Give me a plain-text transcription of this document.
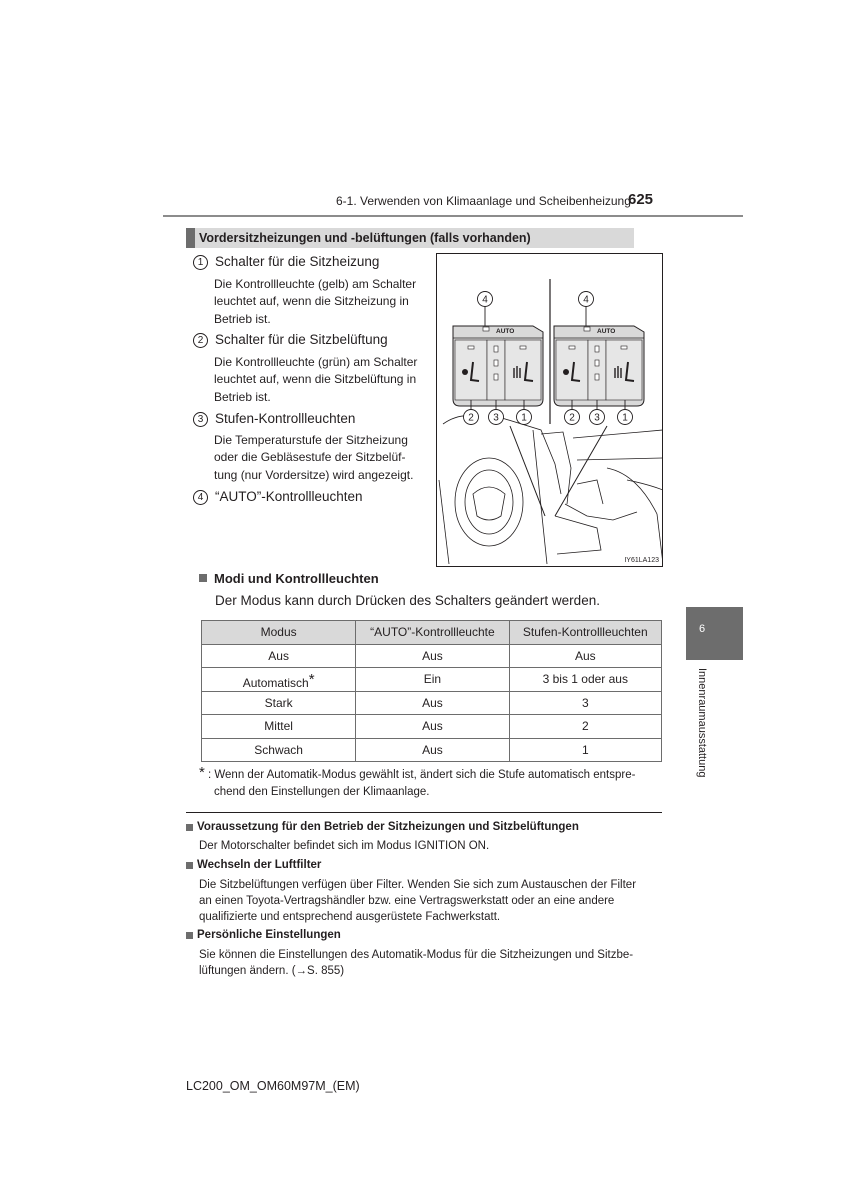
6-1. Verwenden von Klimaanlage und Scheibenheizung
625
Vordersitzheizungen und -belüftungen (falls vorhanden)
1 Schalter für die Sitzheizung
Die Kontrollleuchte (gelb) am Schalter
leuchtet auf, wenn die Sitzheizung in
Betrieb ist.
2 Schalter für die Sitzbelüftung
Die Kontrollleuchte (grün) am Schalter
leuchtet auf, wenn die Sitzbelüftung in
Betrieb ist.
3 Stufen-Kontrollleuchten
Die Temperaturstufe der Sitzheizung
oder die Gebläsestufe der Sitzbelüf-
tung (nur Vordersitze) wird angezeigt.
4 “AUTO”-Kontrollleuchten
AUTO	AUTO
4	4
2 3 1	2 3 1
IY61LA123
Modi und Kontrollleuchten
Der Modus kann durch Drücken des Schalters geändert werden.
Modus	“AUTO”-Kontrollleuchte	Stufen-Kontrollleuchten
Aus	Aus	Aus
Automatisch*	Ein	3 bis 1 oder aus
Stark	Aus	3
Mittel	Aus	2
Schwach	Aus	1
* : Wenn der Automatik-Modus gewählt ist, ändert sich die Stufe automatisch entspre-
chend den Einstellungen der Klimaanlage.
Voraussetzung für den Betrieb der Sitzheizungen und Sitzbelüftungen
Der Motorschalter befindet sich im Modus IGNITION ON.
Wechseln der Luftfilter
Die Sitzbelüftungen verfügen über Filter. Wenden Sie sich zum Austauschen der Filter
an einen Toyota-Vertragshändler bzw. eine Vertragswerkstatt oder an eine andere
qualifizierte und entsprechend ausgerüstete Fachwerkstatt.
Persönliche Einstellungen
Sie können die Einstellungen des Automatik-Modus für die Sitzheizungen und Sitzbe-
lüftungen ändern. (→S. 855)
6
Innenraumausstattung
LC200_OM_OM60M97M_(EM)
